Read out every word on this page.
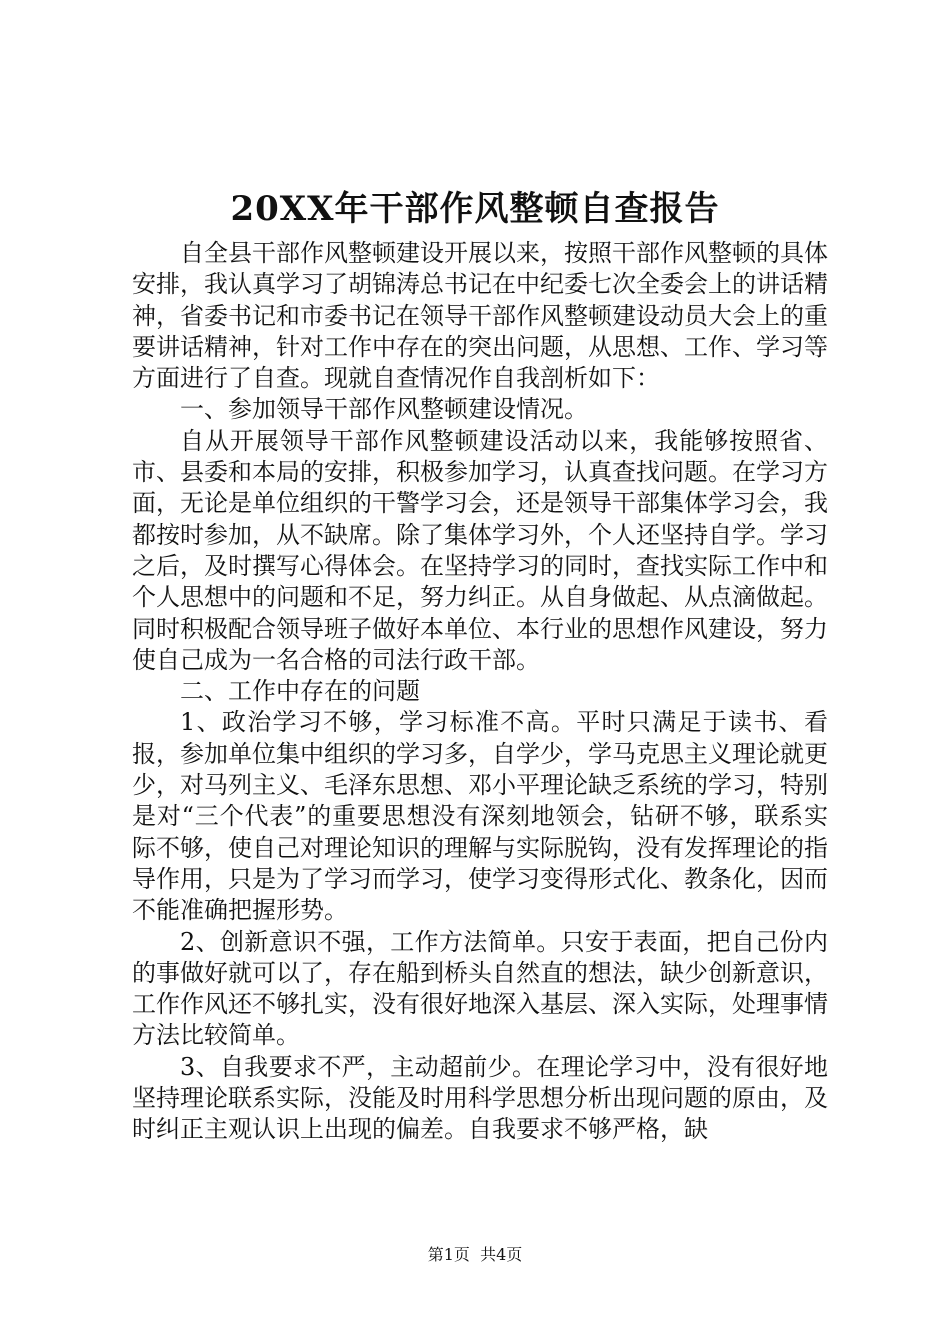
20XX年干部作风整顿自查报告

自全县干部作风整顿建设开展以来，按照干部作风整顿的具体安排，我认真学习了胡锦涛总书记在中纪委七次全委会上的讲话精神，省委书记和市委书记在领导干部作风整顿建设动员大会上的重要讲话精神，针对工作中存在的突出问题，从思想、工作、学习等方面进行了自查。现就自查情况作自我剖析如下：

一、参加领导干部作风整顿建设情况。

自从开展领导干部作风整顿建设活动以来，我能够按照省、市、县委和本局的安排，积极参加学习，认真查找问题。在学习方面，无论是单位组织的干警学习会，还是领导干部集体学习会，我都按时参加，从不缺席。除了集体学习外，个人还坚持自学。学习之后，及时撰写心得体会。在坚持学习的同时，查找实际工作中和个人思想中的问题和不足，努力纠正。从自身做起、从点滴做起。同时积极配合领导班子做好本单位、本行业的思想作风建设，努力使自己成为一名合格的司法行政干部。

二、工作中存在的问题

1、政治学习不够，学习标准不高。平时只满足于读书、看报，参加单位集中组织的学习多，自学少，学马克思主义理论就更少，对马列主义、毛泽东思想、邓小平理论缺乏系统的学习，特别是对“三个代表”的重要思想没有深刻地领会，钻研不够，联系实际不够，使自己对理论知识的理解与实际脱钩，没有发挥理论的指导作用，只是为了学习而学习，使学习变得形式化、教条化，因而不能准确把握形势。

2、创新意识不强，工作方法简单。只安于表面，把自己份内的事做好就可以了，存在船到桥头自然直的想法，缺少创新意识，工作作风还不够扎实，没有很好地深入基层、深入实际，处理事情方法比较简单。

3、自我要求不严，主动超前少。在理论学习中，没有很好地坚持理论联系实际，没能及时用科学思想分析出现问题的原由，及时纠正主观认识上出现的偏差。自我要求不够严格，缺

第1页 共4页
